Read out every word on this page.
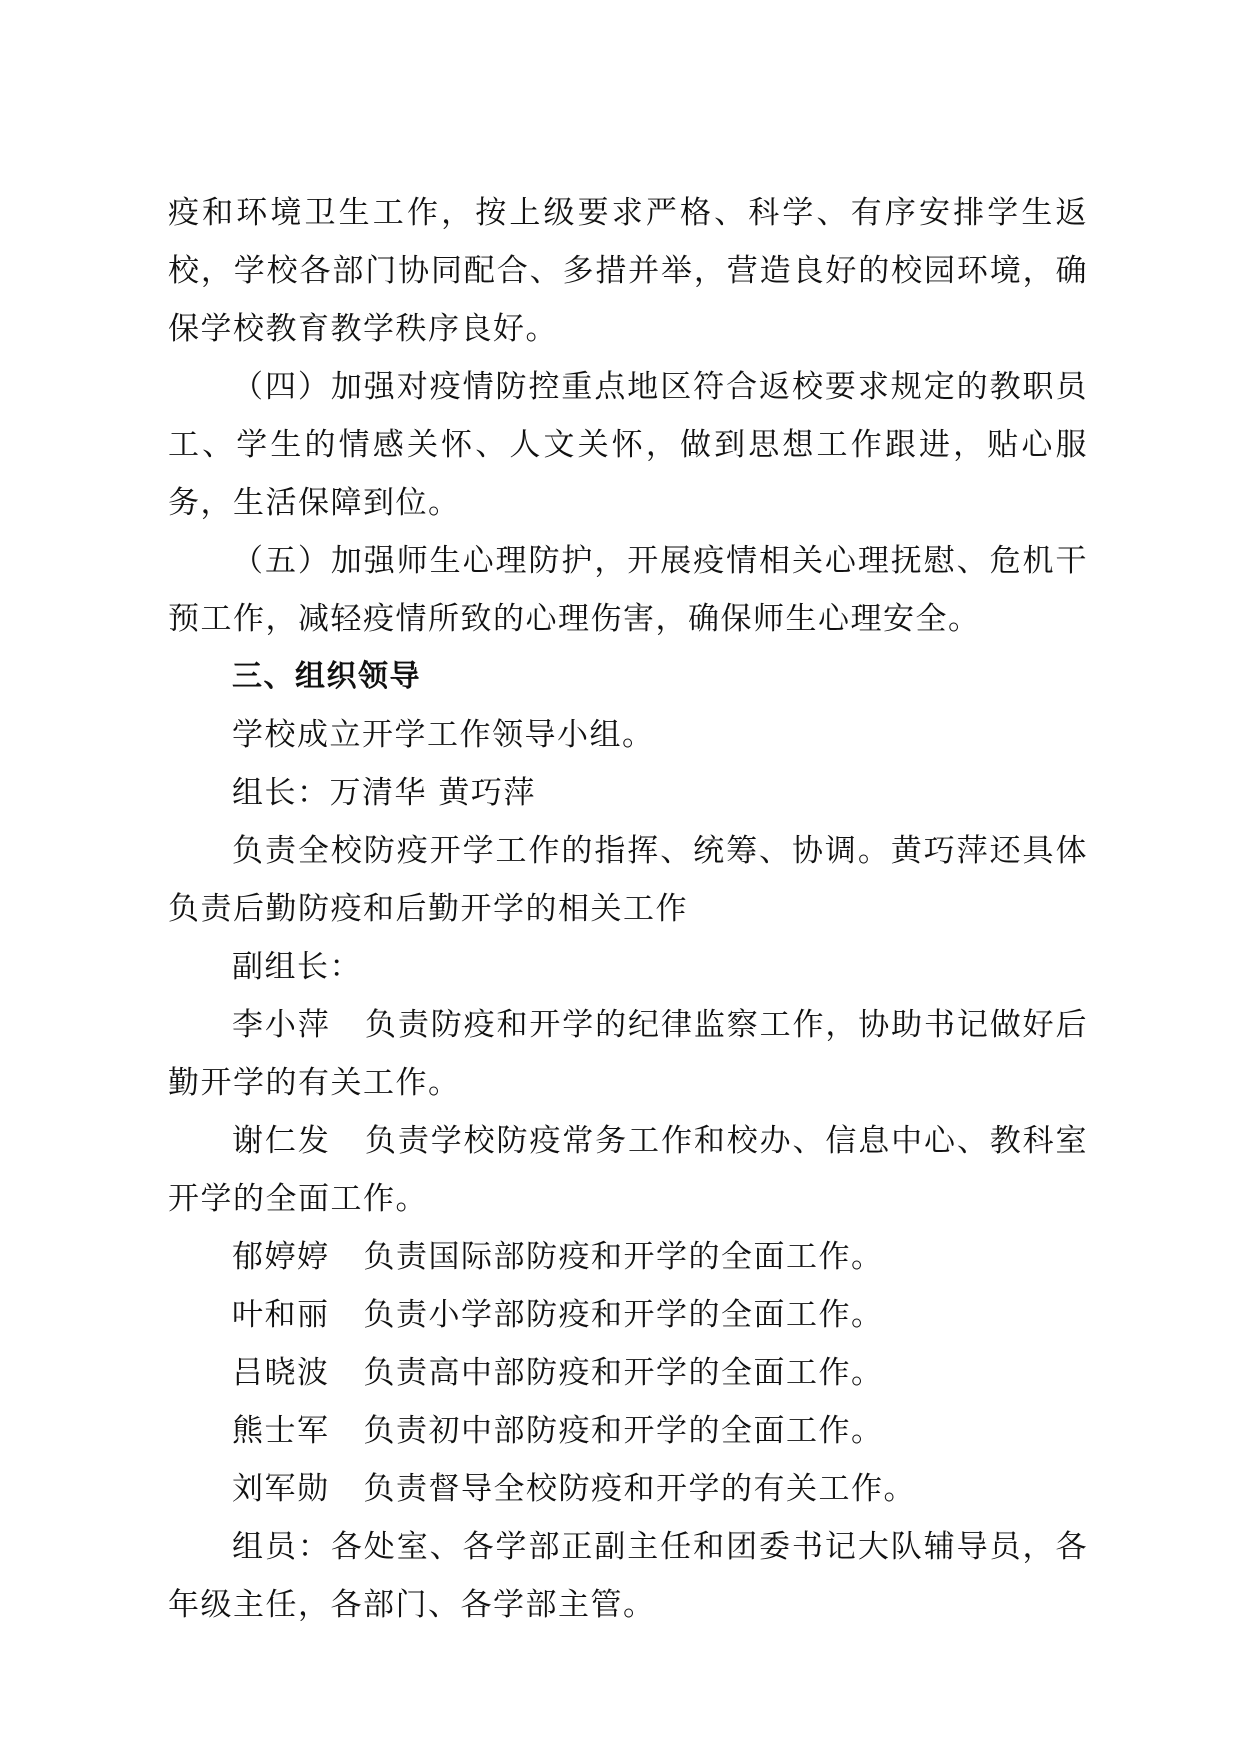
疫和环境卫生工作，按上级要求严格、科学、有序安排学生返校，学校各部门协同配合、多措并举，营造良好的校园环境，确保学校教育教学秩序良好。

（四）加强对疫情防控重点地区符合返校要求规定的教职员工、学生的情感关怀、人文关怀，做到思想工作跟进，贴心服务，生活保障到位。

（五）加强师生心理防护，开展疫情相关心理抚慰、危机干预工作，减轻疫情所致的心理伤害，确保师生心理安全。

三、组织领导

学校成立开学工作领导小组。

组长：万清华 黄巧萍

负责全校防疫开学工作的指挥、统筹、协调。黄巧萍还具体负责后勤防疫和后勤开学的相关工作

副组长：

李小萍 负责防疫和开学的纪律监察工作，协助书记做好后勤开学的有关工作。

谢仁发 负责学校防疫常务工作和校办、信息中心、教科室开学的全面工作。

郁婷婷 负责国际部防疫和开学的全面工作。

叶和丽 负责小学部防疫和开学的全面工作。

吕晓波 负责高中部防疫和开学的全面工作。

熊士军 负责初中部防疫和开学的全面工作。

刘军勋 负责督导全校防疫和开学的有关工作。

组员：各处室、各学部正副主任和团委书记大队辅导员，各年级主任，各部门、各学部主管。
